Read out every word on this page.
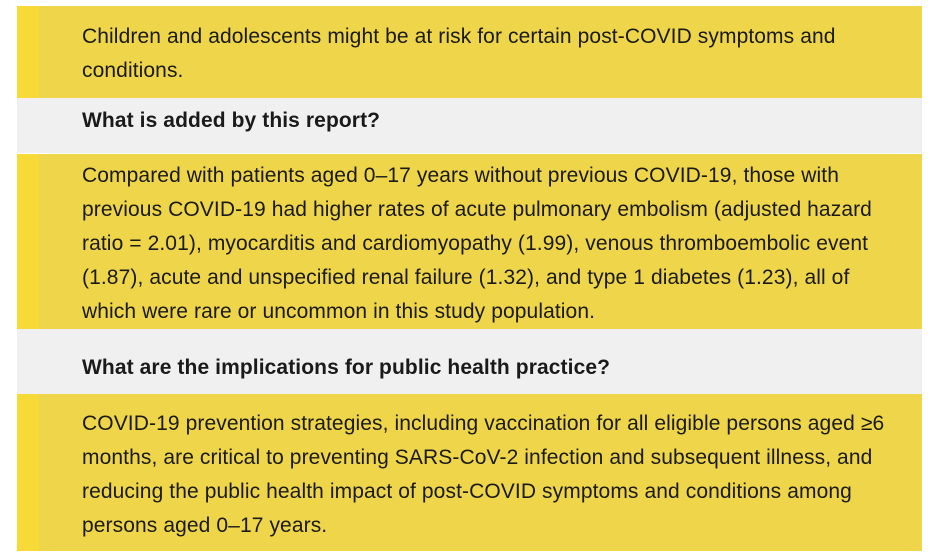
Children and adolescents might be at risk for certain post-COVID symptoms and conditions.

What is added by this report?

Compared with patients aged 0–17 years without previous COVID-19, those with previous COVID-19 had higher rates of acute pulmonary embolism (adjusted hazard ratio = 2.01), myocarditis and cardiomyopathy (1.99), venous thromboembolic event (1.87), acute and unspecified renal failure (1.32), and type 1 diabetes (1.23), all of which were rare or uncommon in this study population.

What are the implications for public health practice?

COVID-19 prevention strategies, including vaccination for all eligible persons aged ≥6 months, are critical to preventing SARS-CoV-2 infection and subsequent illness, and reducing the public health impact of post-COVID symptoms and conditions among persons aged 0–17 years.
